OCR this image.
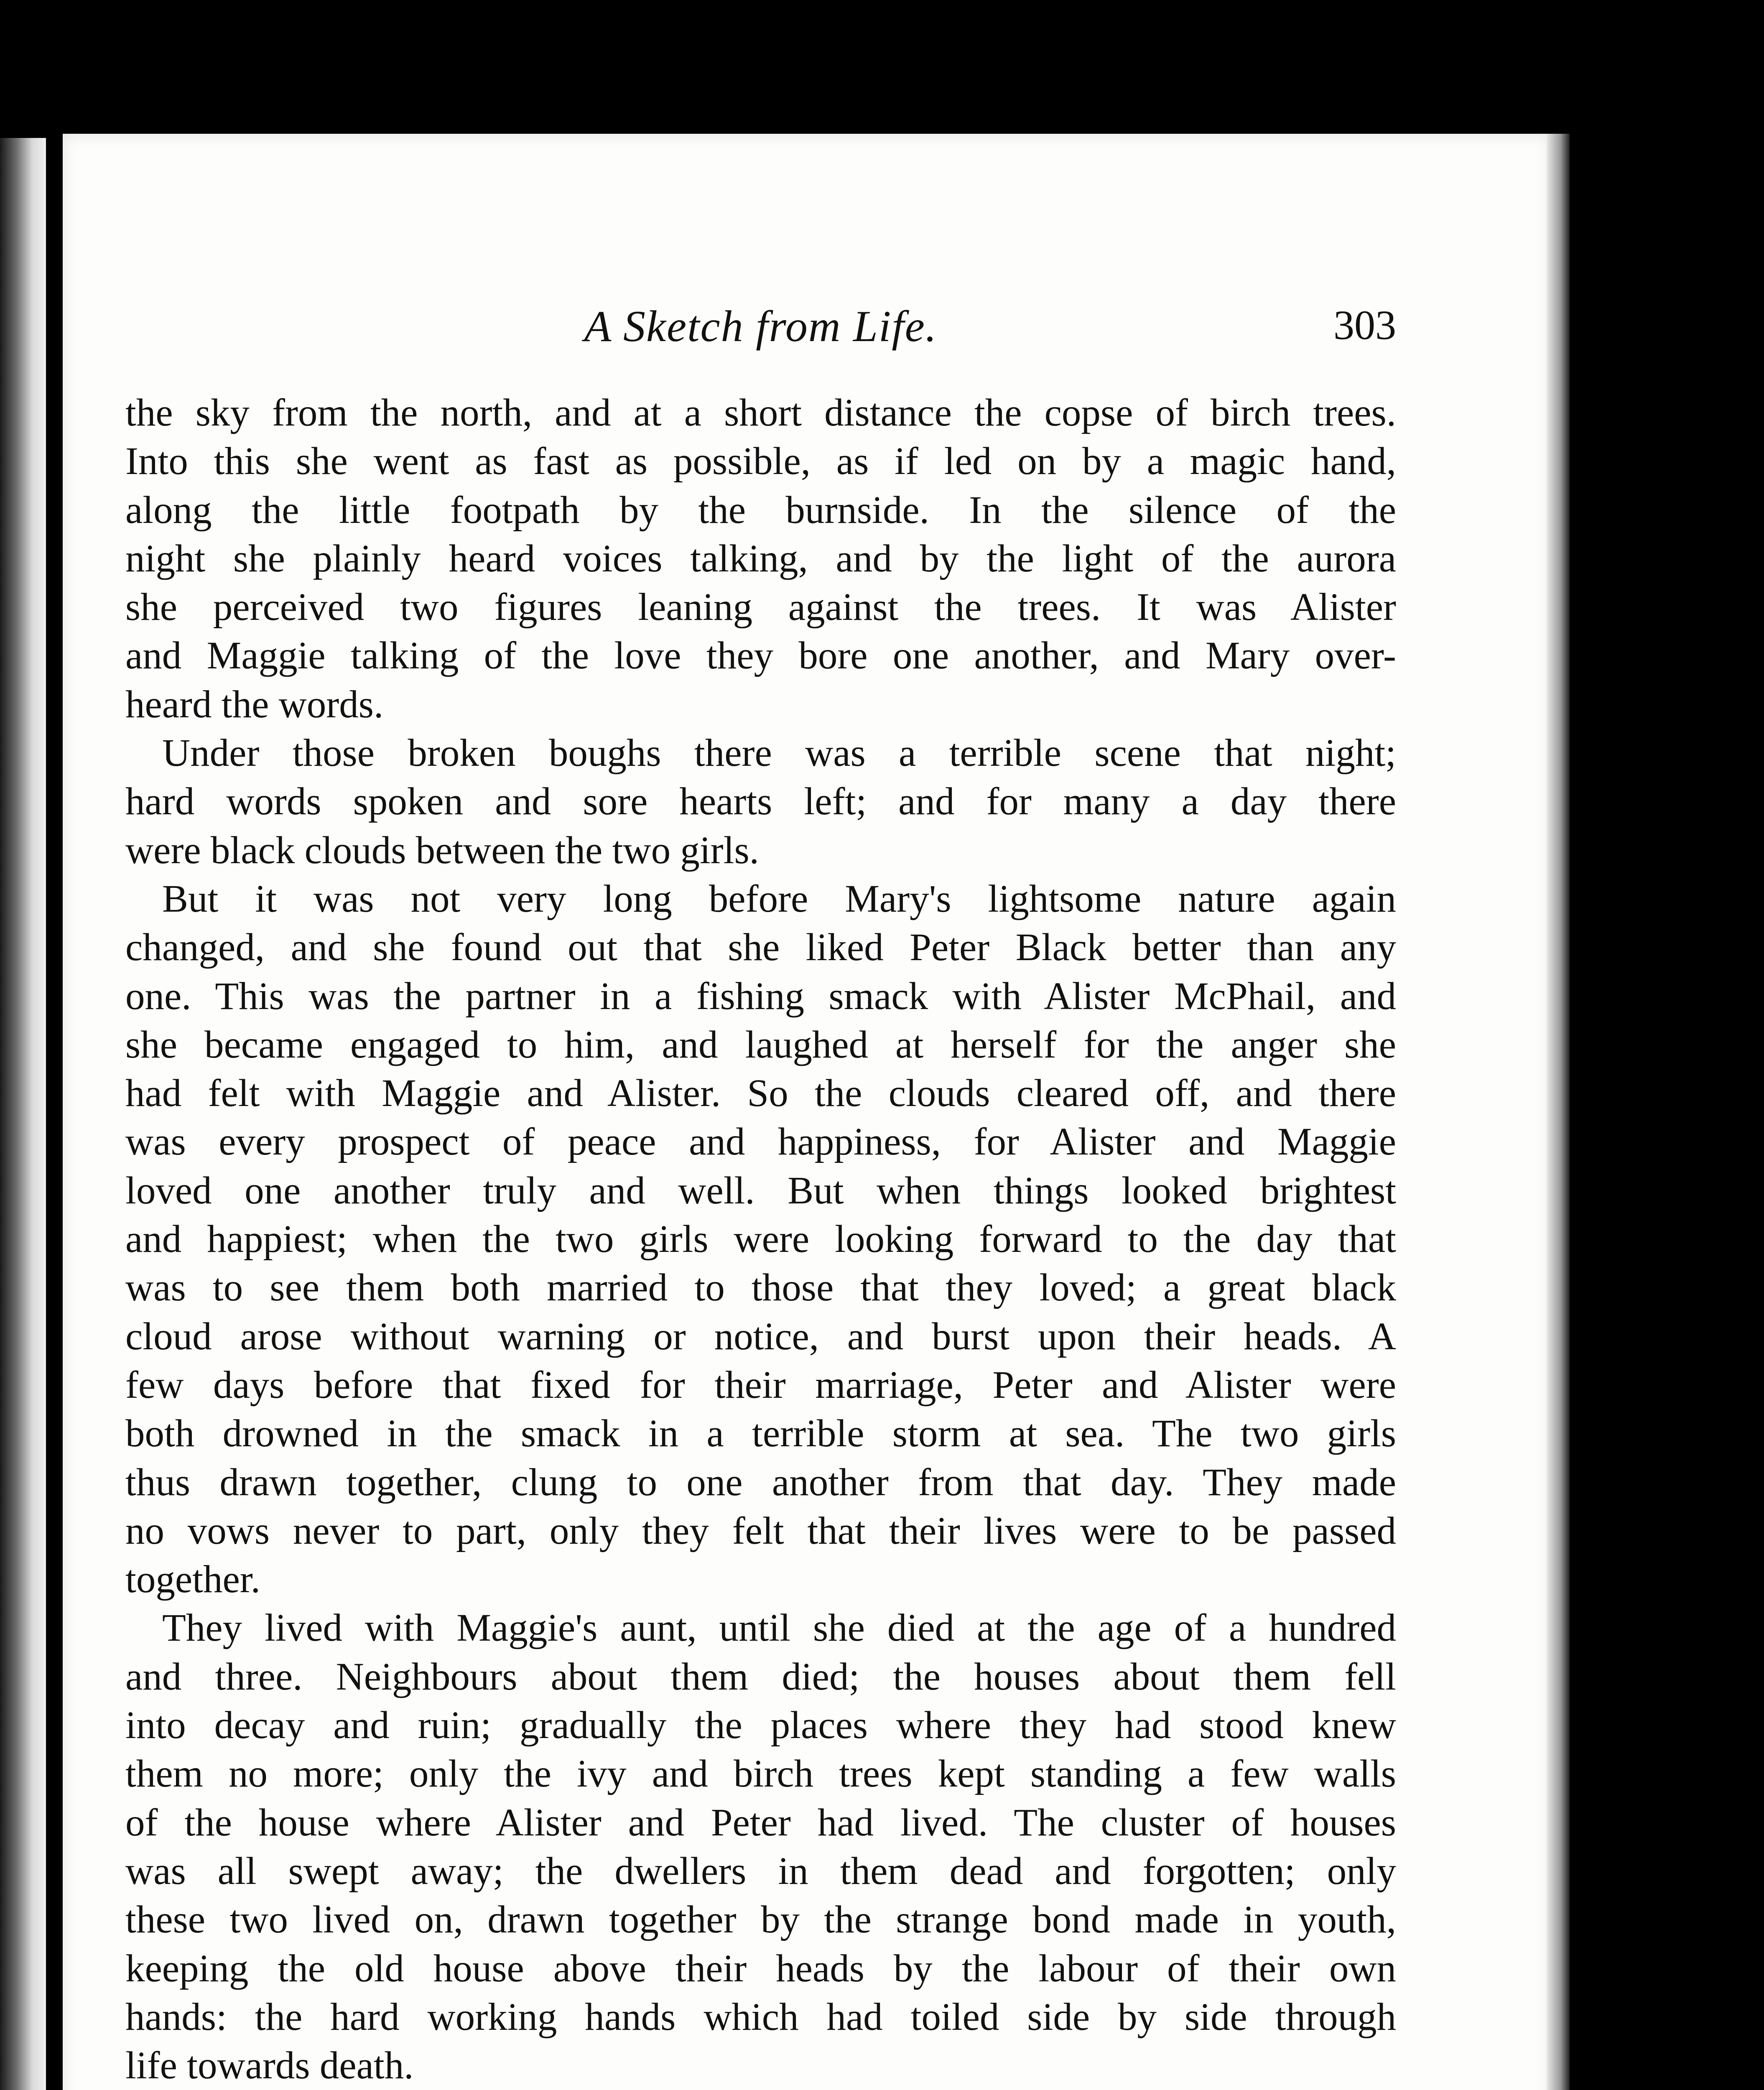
A Sketch from Life.	303
the sky from the north, and at a short distance the copse of birch trees.
Into this she went as fast as possible, as if led on by a magic hand,
along the little footpath by the burnside. In the silence of the
night she plainly heard voices talking, and by the light of the aurora
she perceived two figures leaning against the trees. It was Alister
and Maggie talking of the love they bore one another, and Mary over-
heard the words.
Under those broken boughs there was a terrible scene that night;
hard words spoken and sore hearts left; and for many a day there
were black clouds between the two girls.
But it was not very long before Mary's lightsome nature again
changed, and she found out that she liked Peter Black better than any
one. This was the partner in a fishing smack with Alister McPhail, and
she became engaged to him, and laughed at herself for the anger she
had felt with Maggie and Alister. So the clouds cleared off, and there
was every prospect of peace and happiness, for Alister and Maggie
loved one another truly and well. But when things looked brightest
and happiest; when the two girls were looking forward to the day that
was to see them both married to those that they loved; a great black
cloud arose without warning or notice, and burst upon their heads. A
few days before that fixed for their marriage, Peter and Alister were
both drowned in the smack in a terrible storm at sea. The two girls
thus drawn together, clung to one another from that day. They made
no vows never to part, only they felt that their lives were to be passed
together.
They lived with Maggie's aunt, until she died at the age of a hundred
and three. Neighbours about them died; the houses about them fell
into decay and ruin; gradually the places where they had stood knew
them no more; only the ivy and birch trees kept standing a few walls
of the house where Alister and Peter had lived. The cluster of houses
was all swept away; the dwellers in them dead and forgotten; only
these two lived on, drawn together by the strange bond made in youth,
keeping the old house above their heads by the labour of their own
hands: the hard working hands which had toiled side by side through
life towards death.
